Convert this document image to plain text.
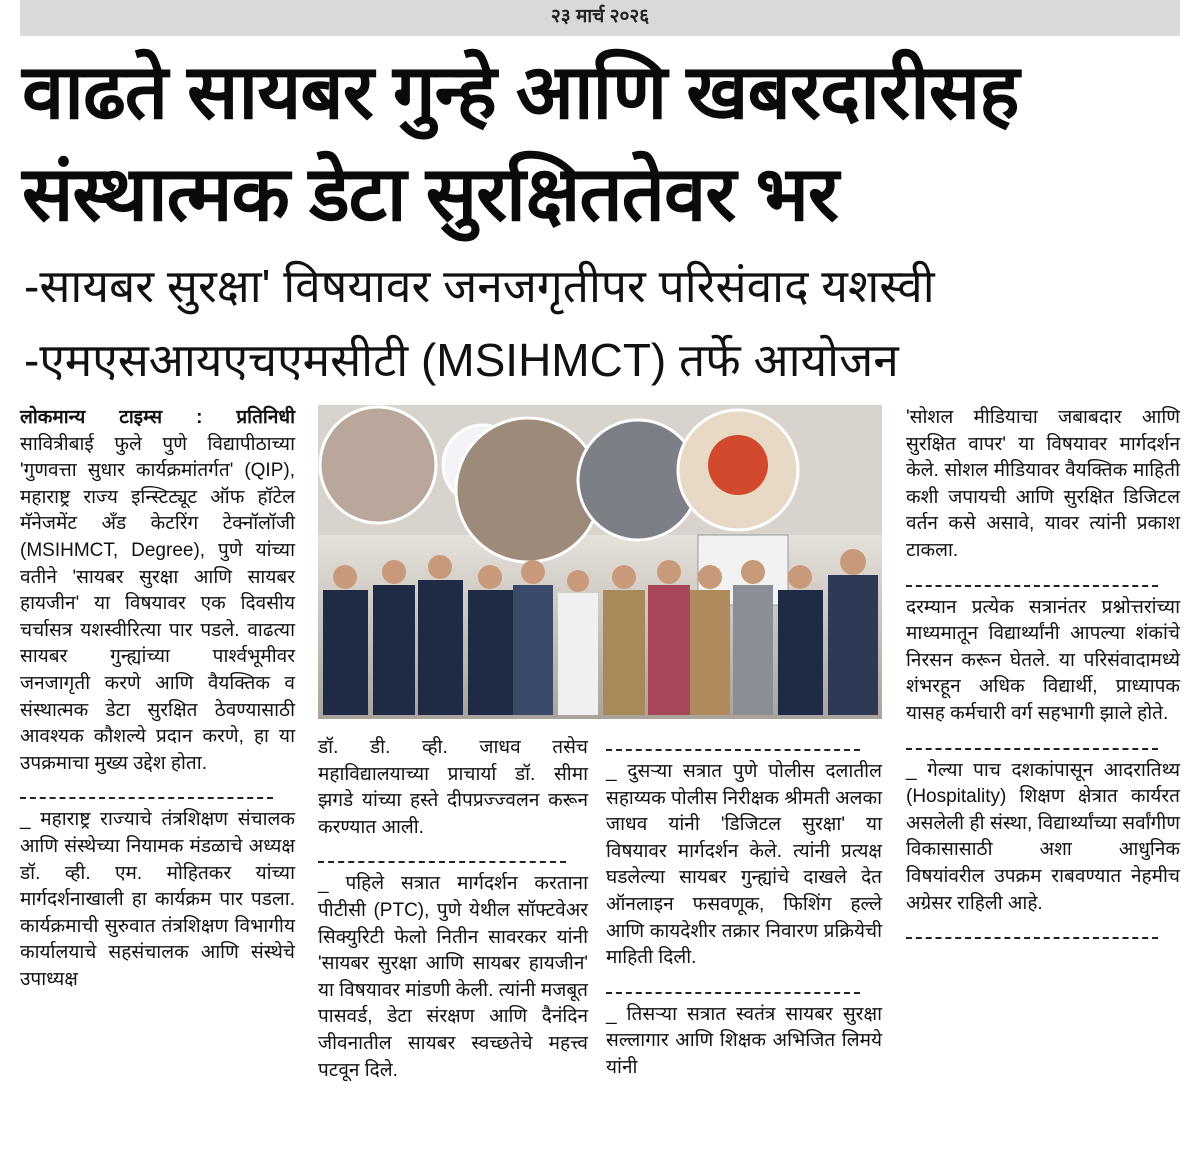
२३ मार्च २०२६
वाढते सायबर गुन्हे आणि खबरदारीसह
संस्थात्मक डेटा सुरक्षिततेवर भर
-सायबर सुरक्षा' विषयावर जनजगृतीपर परिसंवाद यशस्वी
-एमएसआयएचएमसीटी (MSIHMCT) तर्फे आयोजन

लोकमान्य टाइम्स : प्रतिनिधी

सावित्रीबाई फुले पुणे विद्यापीठाच्या 'गुणवत्ता सुधार कार्यक्रमांतर्गत' (QIP), महाराष्ट्र राज्य इन्स्टिट्यूट ऑफ हॉटेल मॅनेजमेंट अँड केटरिंग टेक्नॉलॉजी (MSIHMCT, Degree), पुणे यांच्या वतीने 'सायबर सुरक्षा आणि सायबर हायजीन' या विषयावर एक दिवसीय चर्चासत्र यशस्वीरित्या पार पडले. वाढत्या सायबर गुन्ह्यांच्या पार्श्वभूमीवर जनजागृती करणे आणि वैयक्तिक व संस्थात्मक डेटा सुरक्षित ठेवण्यासाठी आवश्यक कौशल्ये प्रदान करणे, हा या उपक्रमाचा मुख्य उद्देश होता.

_ महाराष्ट्र राज्याचे तंत्रशिक्षण संचालक आणि संस्थेच्या नियामक मंडळाचे अध्यक्ष डॉ. व्ही. एम. मोहितकर यांच्या मार्गदर्शनाखाली हा कार्यक्रम पार पडला. कार्यक्रमाची सुरुवात तंत्रशिक्षण विभागीय कार्यालयाचे सहसंचालक आणि संस्थेचे उपाध्यक्ष

डॉ. डी. व्ही. जाधव तसेच महाविद्यालयाच्या प्राचार्या डॉ. सीमा झगडे यांच्या हस्ते दीपप्रज्ज्वलन करून करण्यात आली.

_ पहिले सत्रात मार्गदर्शन करताना पीटीसी (PTC), पुणे येथील सॉफ्टवेअर सिक्युरिटी फेलो नितीन सावरकर यांनी 'सायबर सुरक्षा आणि सायबर हायजीन' या विषयावर मांडणी केली. त्यांनी मजबूत पासवर्ड, डेटा संरक्षण आणि दैनंदिन जीवनातील सायबर स्वच्छतेचे महत्त्व पटवून दिले.

_ दुसऱ्या सत्रात पुणे पोलीस दलातील सहाय्यक पोलीस निरीक्षक श्रीमती अलका जाधव यांनी 'डिजिटल सुरक्षा' या विषयावर मार्गदर्शन केले. त्यांनी प्रत्यक्ष घडलेल्या सायबर गुन्ह्यांचे दाखले देत ऑनलाइन फसवणूक, फिशिंग हल्ले आणि कायदेशीर तक्रार निवारण प्रक्रियेची माहिती दिली.

_ तिसऱ्या सत्रात स्वतंत्र सायबर सुरक्षा सल्लागार आणि शिक्षक अभिजित लिमये यांनी

'सोशल मीडियाचा जबाबदार आणि सुरक्षित वापर' या विषयावर मार्गदर्शन केले. सोशल मीडियावर वैयक्तिक माहिती कशी जपायची आणि सुरक्षित डिजिटल वर्तन कसे असावे, यावर त्यांनी प्रकाश टाकला.

दरम्यान प्रत्येक सत्रानंतर प्रश्नोत्तरांच्या माध्यमातून विद्यार्थ्यांनी आपल्या शंकांचे निरसन करून घेतले. या परिसंवादामध्ये शंभरहून अधिक विद्यार्थी, प्राध्यापक यासह कर्मचारी वर्ग सहभागी झाले होते.

_ गेल्या पाच दशकांपासून आदरातिथ्य (Hospitality) शिक्षण क्षेत्रात कार्यरत असलेली ही संस्था, विद्यार्थ्यांच्या सर्वांगीण विकासासाठी अशा आधुनिक विषयांवरील उपक्रम राबवण्यात नेहमीच अग्रेसर राहिली आहे.
